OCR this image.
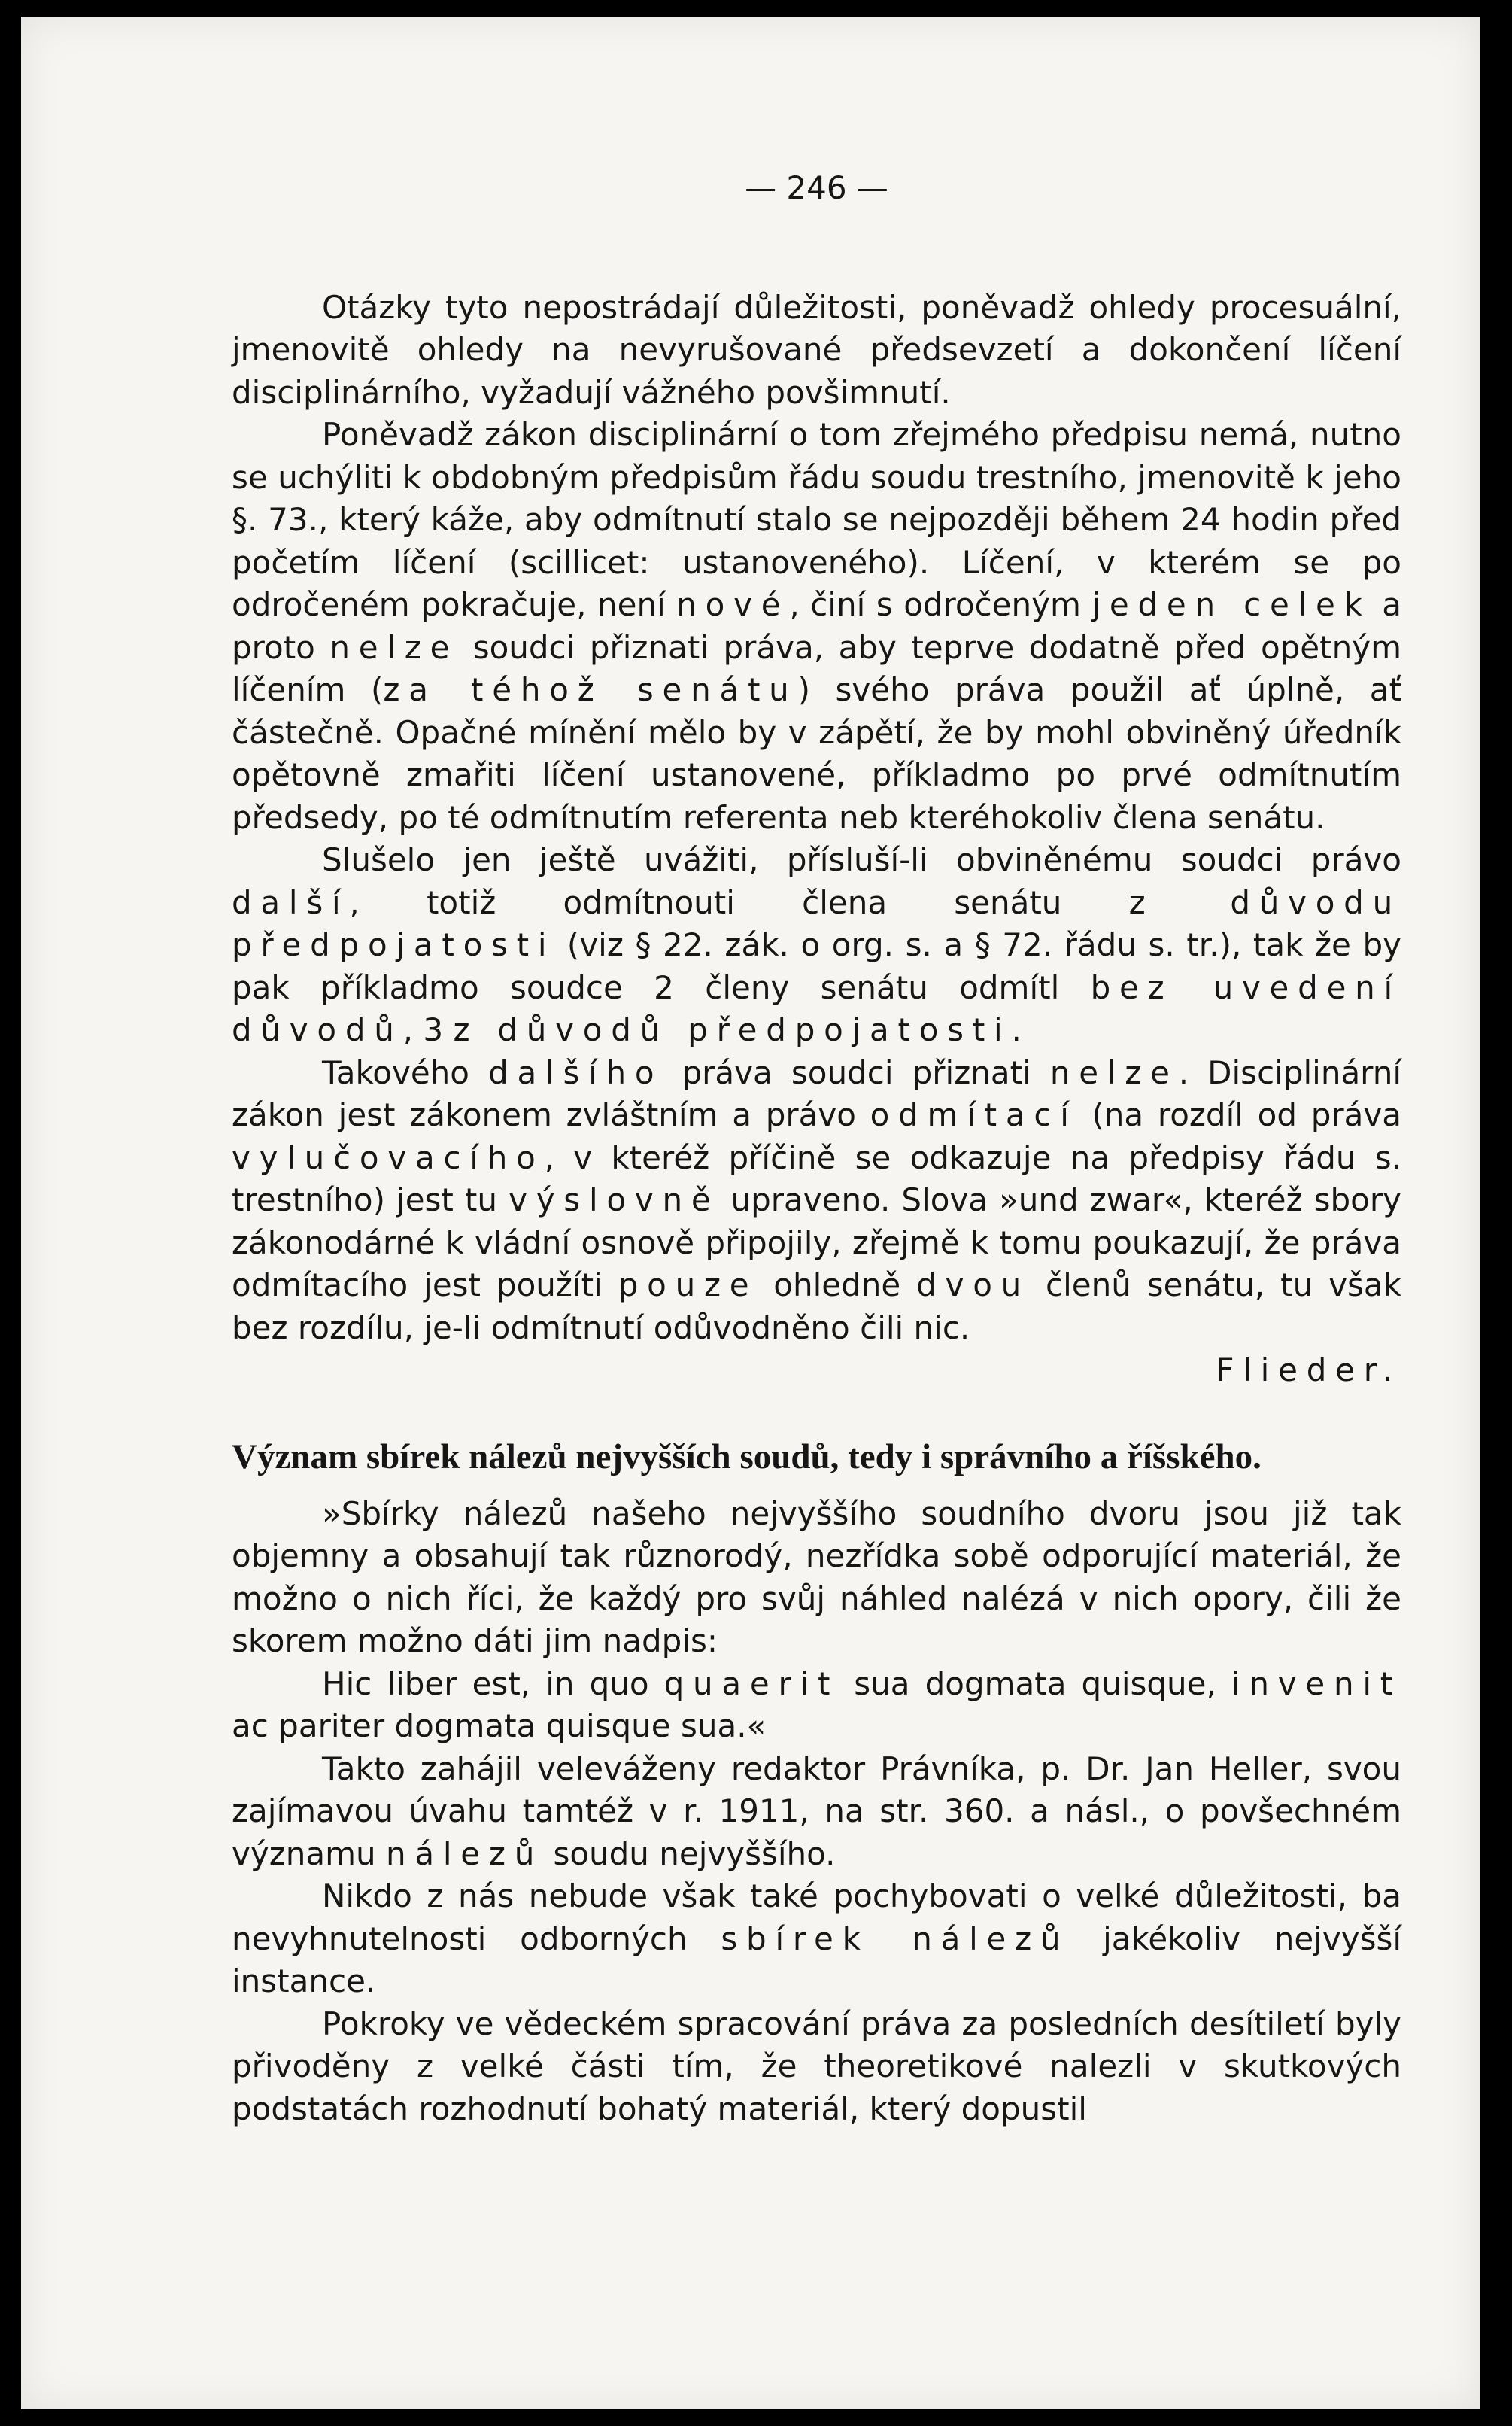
— 246 —

Otázky tyto nepostrádají důležitosti, poněvadž ohledy procesuální, jmenovitě ohledy na nevyrušované předsevzetí a dokončení líčení disciplinárního, vyžadují vážného povšimnutí.

Poněvadž zákon disciplinární o tom zřejmého předpisu nemá, nutno se uchýliti k obdobným předpisům řádu soudu trestního, jmenovitě k jeho §. 73., který káže, aby odmítnutí stalo se nejpozději během 24 hodin před početím líčení (scillicet: ustanoveného). Líčení, v kterém se po odročeném pokračuje, není nové, činí s odročeným jeden celek a proto nelze soudci přiznati práva, aby teprve dodatně před opětným líčením (za téhož senátu) svého práva použil ať úplně, ať částečně. Opačné mínění mělo by v zápětí, že by mohl obviněný úředník opětovně zmařiti líčení ustanovené, příkladmo po prvé odmítnutím předsedy, po té odmítnutím referenta neb kteréhokoliv člena senátu.

Slušelo jen ještě uvážiti, přísluší-li obviněnému soudci právo další, totiž odmítnouti člena senátu z důvodu předpojatosti (viz § 22. zák. o org. s. a § 72. řádu s. tr.), tak že by pak příkladmo soudce 2 členy senátu odmítl bez uvedení důvodů, 3 z důvodů předpojatosti.

Takového dalšího práva soudci přiznati nelze. Disciplinární zákon jest zákonem zvláštním a právo odmítací (na rozdíl od práva vylučovacího, v kteréž příčině se odkazuje na předpisy řádu s. trestního) jest tu výslovně upraveno. Slova »und zwar«, kteréž sbory zákonodárné k vládní osnově připojily, zřejmě k tomu poukazují, že práva odmítacího jest použíti pouze ohledně dvou členů senátu, tu však bez rozdílu, je-li odmítnutí odůvodněno čili nic.
Flieder.

Význam sbírek nálezů nejvyšších soudů, tedy i správního a říšského.

»Sbírky nálezů našeho nejvyššího soudního dvoru jsou již tak objemny a obsahují tak různorodý, nezřídka sobě odporující materiál, že možno o nich říci, že každý pro svůj náhled nalézá v nich opory, čili že skorem možno dáti jim nadpis:

Hic liber est, in quo quaerit sua dogmata quisque, invenit ac pariter dogmata quisque sua.«

Takto zahájil veleváženy redaktor Právníka, p. Dr. Jan Heller, svou zajímavou úvahu tamtéž v r. 1911, na str. 360. a násl., o povšechném významu nálezů soudu nejvyššího.

Nikdo z nás nebude však také pochybovati o velké důležitosti, ba nevyhnutelnosti odborných sbírek nálezů jakékoliv nejvyšší instance.

Pokroky ve vědeckém spracování práva za posledních desítiletí byly přivoděny z velké části tím, že theoretikové nalezli v skutkových podstatách rozhodnutí bohatý materiál, který dopustil
